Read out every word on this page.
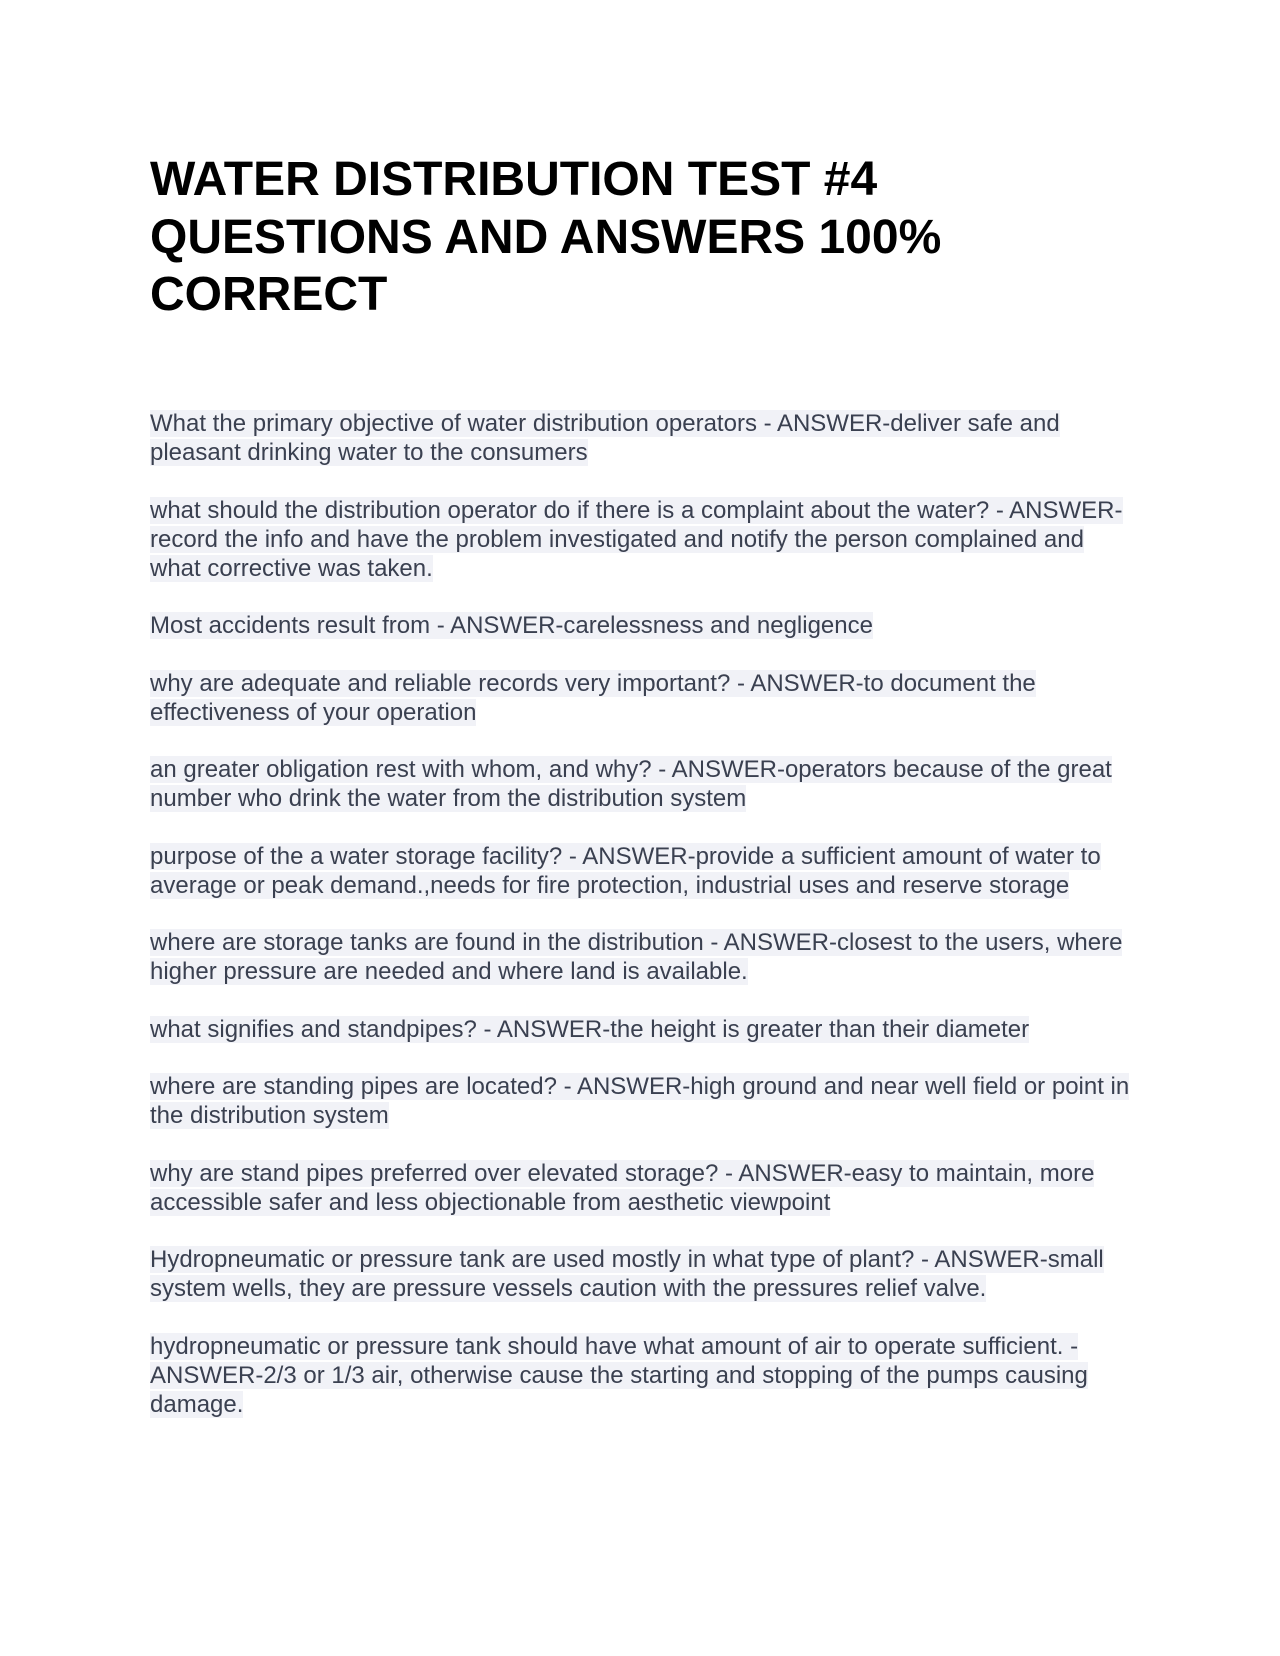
WATER DISTRIBUTION TEST #4
QUESTIONS AND ANSWERS 100%
CORRECT
What the primary objective of water distribution operators - ANSWER-deliver safe and pleasant drinking water to the consumers
what should the distribution operator do if there is a complaint about the water? - ANSWER-record the info and have the problem investigated and notify the person complained and what corrective was taken.
Most accidents result from - ANSWER-carelessness and negligence
why are adequate and reliable records very important? - ANSWER-to document the effectiveness of your operation
an greater obligation rest with whom, and why? - ANSWER-operators because of the great number who drink the water from the distribution system
purpose of the a water storage facility? - ANSWER-provide a sufficient amount of water to average or peak demand.,needs for fire protection, industrial uses and reserve storage
where are storage tanks are found in the distribution - ANSWER-closest to the users, where higher pressure are needed and where land is available.
what signifies and standpipes? - ANSWER-the height is greater than their diameter
where are standing pipes are located? - ANSWER-high ground and near well field or point in the distribution system
why are stand pipes preferred over elevated storage? - ANSWER-easy to maintain, more accessible safer and less objectionable from aesthetic viewpoint
Hydropneumatic or pressure tank are used mostly in what type of plant? - ANSWER-small system wells, they are pressure vessels caution with the pressures relief valve.
hydropneumatic or pressure tank should have what amount of air to operate sufficient. - ANSWER-2/3 or 1/3 air, otherwise cause the starting and stopping of the pumps causing damage.
